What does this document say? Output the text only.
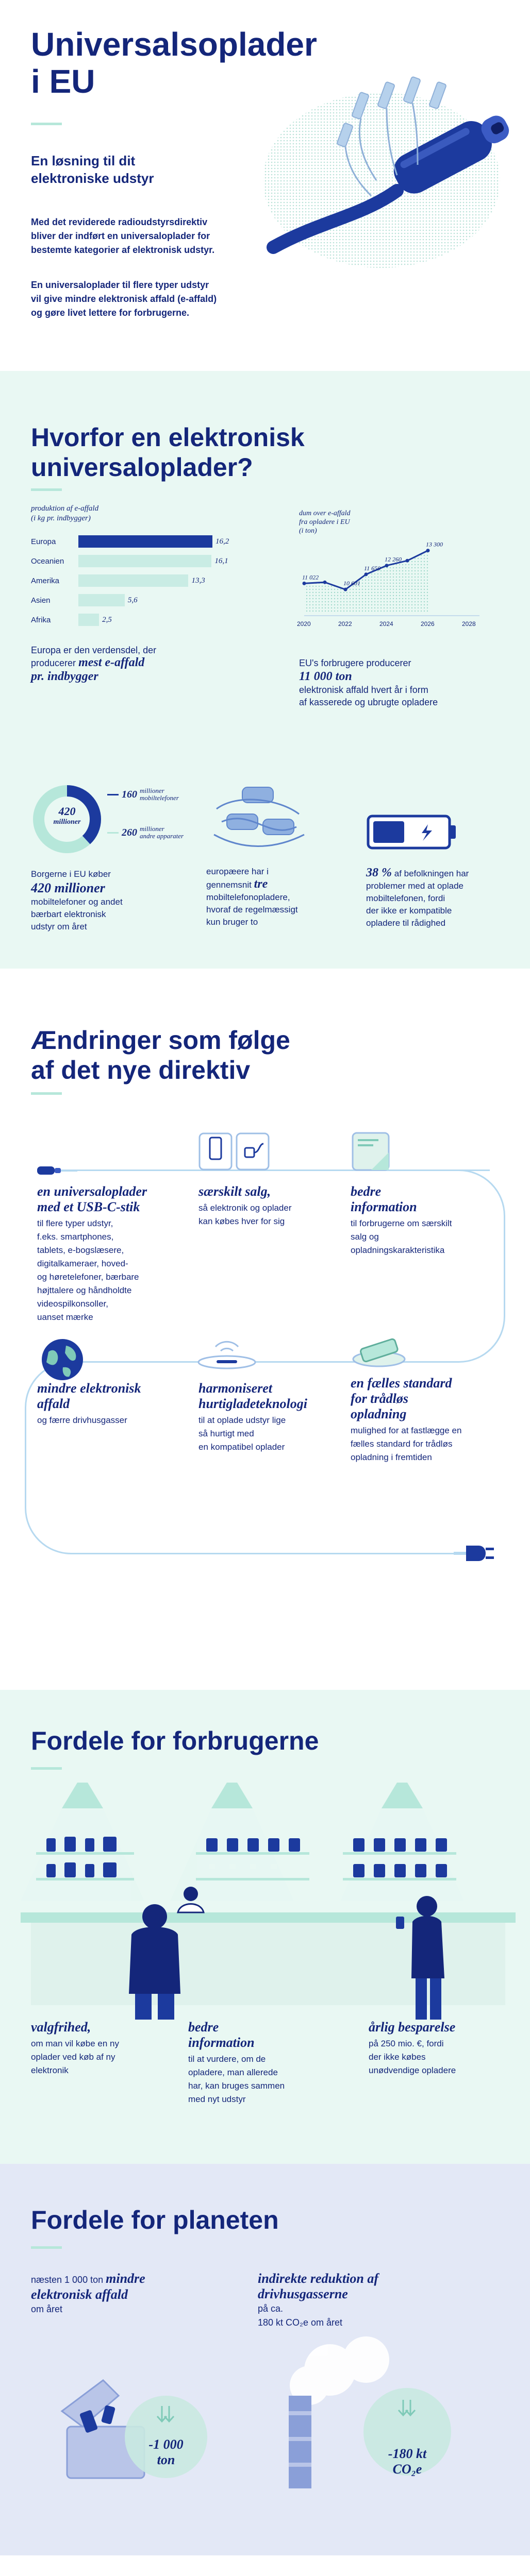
Universalsoplader
i EU
En løsning til dit
elektroniske udstyr
Med det reviderede radioudstyrsdirektiv
bliver der indført en universaloplader for
bestemte kategorier af elektronisk udstyr.
En universaloplader til flere typer udstyr
vil give mindre elektronisk affald (e-affald)
og gøre livet lettere for forbrugerne.
Hvorfor en elektronisk
universaloplader?
produktion af e-affald
(i kg pr. indbygger)
Europa	16,2
Oceanien	16,1
Amerika	13,3
Asien	5,6
Afrika	2,5
Europa er den verdensdel, der
producerer mest e-affald
pr. indbygger
dum over e-affald
fra opladere i EU
(i ton)
11 022
10 601
11 650
12 260
13 300
2020	2022	2024	2026	2028
EU's forbrugere producerer
11 000 ton
elektronisk affald hvert år i form
af kasserede og ubrugte opladere
420
millioner
160 millioner
mobiltelefoner
260 millioner
andre apparater
Borgerne i EU køber
420 millioner
mobiltelefoner og andet
bærbart elektronisk
udstyr om året
europæere har i
gennemsnit tre
mobiltelefonopladere,
hvoraf de regelmæssigt
kun bruger to
38 % af befolkningen har
problemer med at oplade
mobiltelefonen, fordi
der ikke er kompatible
opladere til rådighed
Ændringer som følge
af det nye direktiv
en universaloplader
med et USB-C-stik
til flere typer udstyr,
f.eks. smartphones,
tablets, e-bogslæsere,
digitalkameraer, hoved-
og høretelefoner, bærbare
højttalere og håndholdte
videospilkonsoller,
uanset mærke
særskilt salg,
så elektronik og oplader
kan købes hver for sig
bedre
information
til forbrugerne om særskilt
salg og
opladningskarakteristika
mindre elektronisk
affald
og færre drivhusgasser
harmoniseret
hurtigladeteknologi
til at oplade udstyr lige
så hurtigt med
en kompatibel oplader
en fælles standard
for trådløs
opladning
mulighed for at fastlægge en
fælles standard for trådløs
opladning i fremtiden
Fordele for forbrugerne
valgfrihed,
om man vil købe en ny
oplader ved køb af ny
elektronik
bedre
information
til at vurdere, om de
opladere, man allerede
har, kan bruges sammen
med nyt udstyr
årlig besparelse
på 250 mio. €, fordi
der ikke købes
unødvendige opladere
Fordele for planeten
næsten 1 000 ton mindre
elektronisk affald
om året
indirekte reduktion af
drivhusgasserne
på ca.
180 kt CO₂e om året
-1 000
ton	-180 kt
CO₂e
